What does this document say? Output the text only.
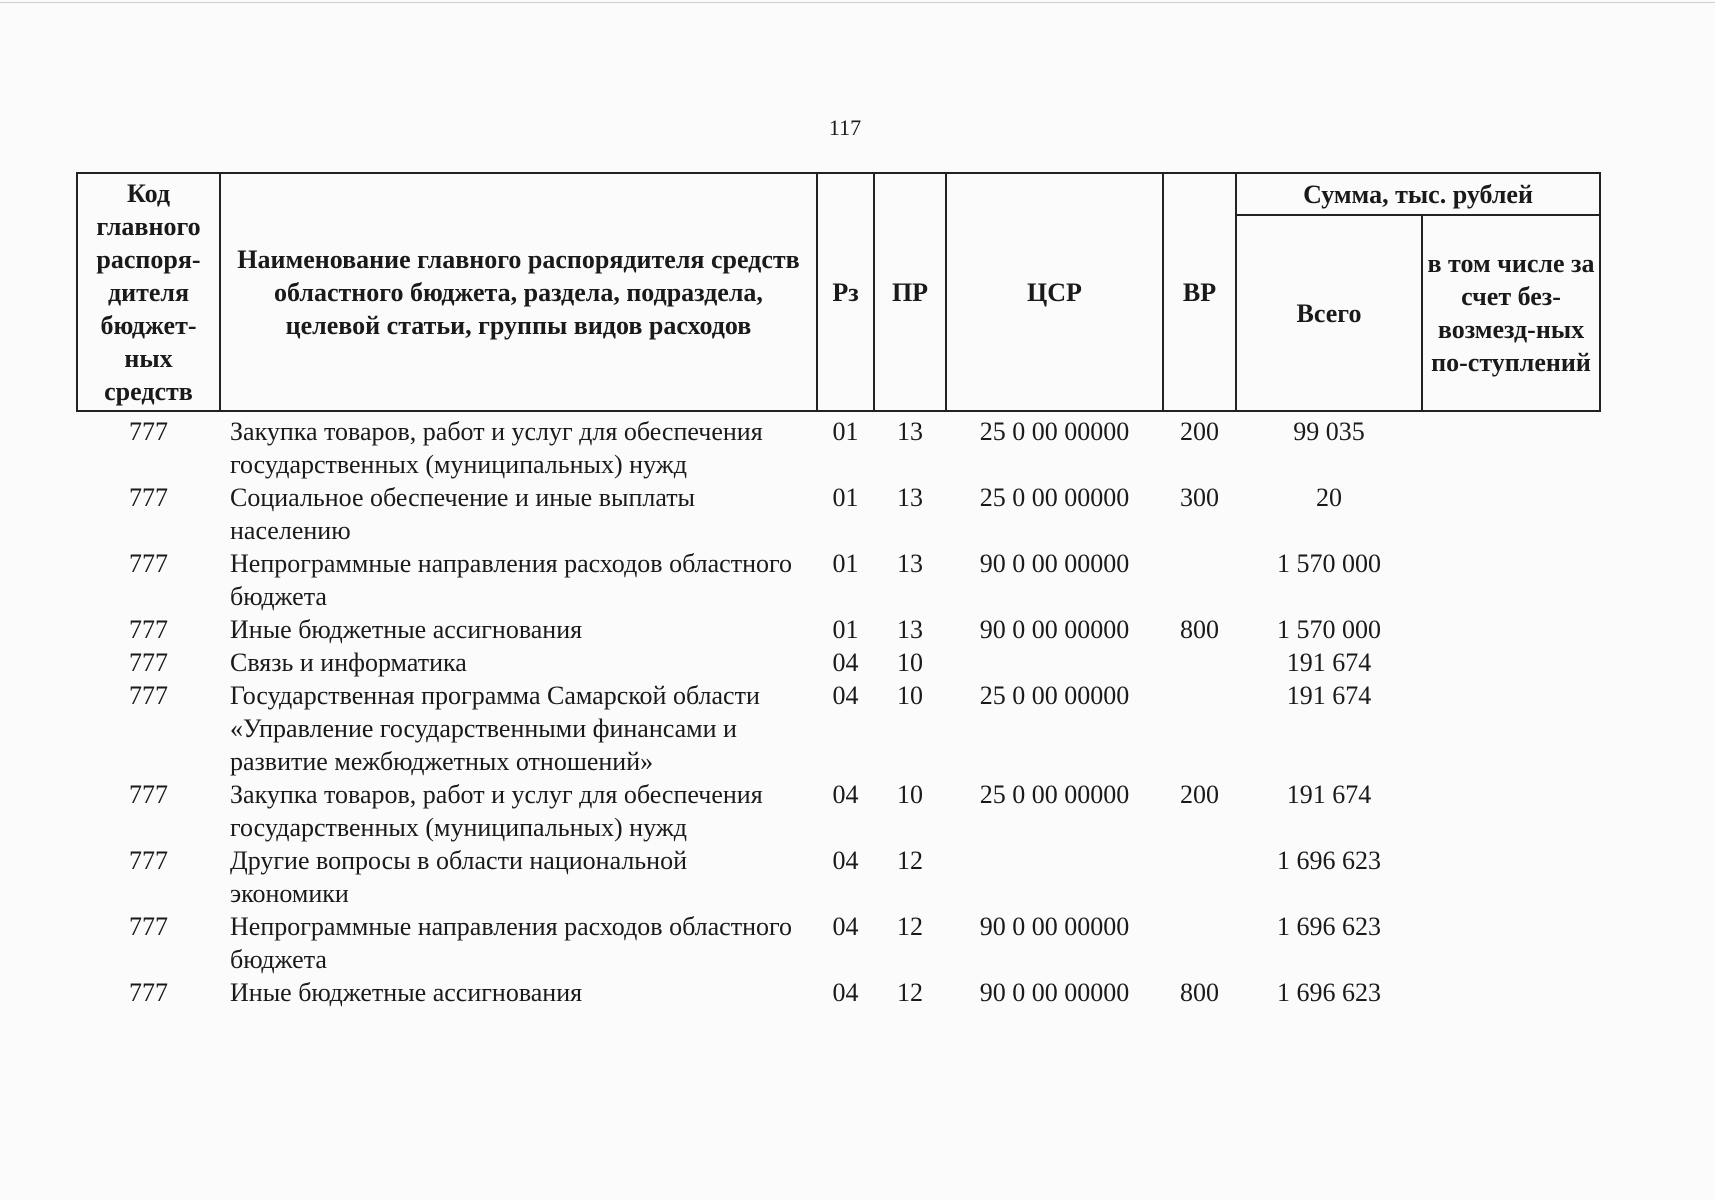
117
Код главного распоря-дителя бюджет-ных средств	Наименование главного распорядителя средств областного бюджета, раздела, подраздела, целевой статьи, группы видов расходов	Рз	ПР	ЦСР	ВР	Сумма, тыс. рублей	
						Всего	в том числе за счет без-возмезд-ных по-ступлений
777	Закупка товаров, работ и услуг для обеспечения государственных (муниципальных) нужд	01	13	25 0 00 00000	200	99 035	
777	Социальное обеспечение и иные выплаты населению	01	13	25 0 00 00000	300	20	
777	Непрограммные направления расходов областного бюджета	01	13	90 0 00 00000		1 570 000	
777	Иные бюджетные ассигнования	01	13	90 0 00 00000	800	1 570 000	
777	Связь и информатика	04	10			191 674	
777	Государственная программа Самарской области «Управление государственными финансами и развитие межбюджетных отношений»	04	10	25 0 00 00000		191 674	
777	Закупка товаров, работ и услуг для обеспечения государственных (муниципальных) нужд	04	10	25 0 00 00000	200	191 674	
777	Другие вопросы в области национальной экономики	04	12			1 696 623	
777	Непрограммные направления расходов областного бюджета	04	12	90 0 00 00000		1 696 623	
777	Иные бюджетные ассигнования	04	12	90 0 00 00000	800	1 696 623	
